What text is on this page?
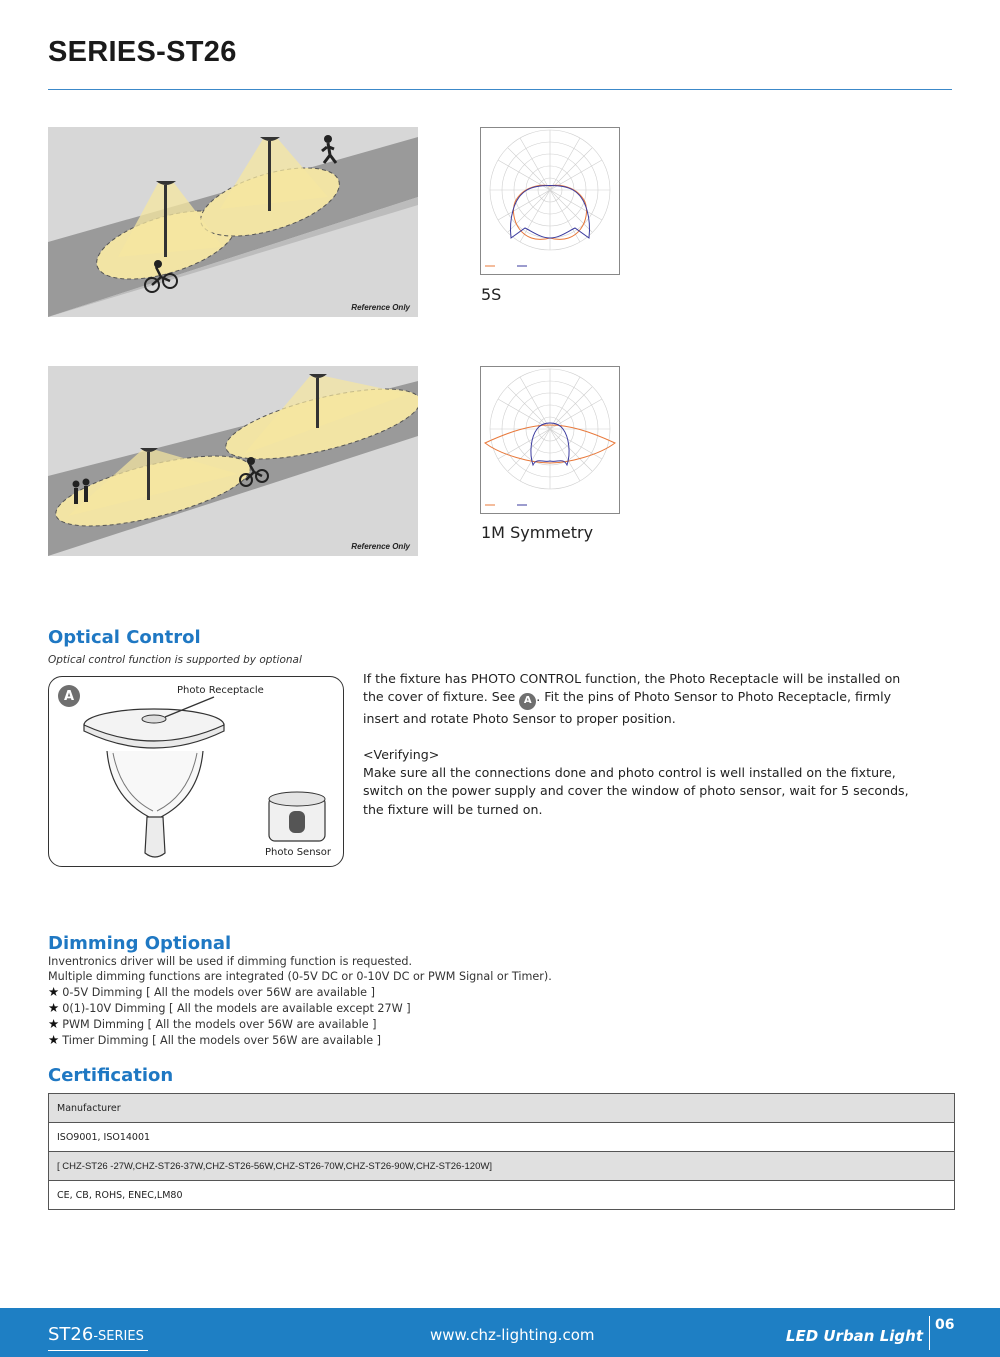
SERIES-ST26
Reference Only
5S
Reference Only
1M Symmetry
Optical Control
Optical control function is supported by optional
A	Photo Receptacle
Photo Sensor

If the fixture has PHOTO CONTROL function, the Photo Receptacle will be installed on the cover of fixture. See A . Fit the pins of Photo Sensor to Photo Receptacle, firmly insert and rotate Photo Sensor to proper position.

<Verifying>

Make sure all the connections done and photo control is well installed on the fixture, switch on the power supply and cover the window of photo sensor, wait for 5 seconds, the fixture will be turned on.

Dimming Optional
Inventronics driver will be used if dimming function is requested.
Multiple dimming functions are integrated (0-5V DC or 0-10V DC or PWM Signal or Timer).
★ 0-5V Dimming [ All the models over 56W are available ]
★ 0(1)-10V Dimming [ All the models are available except 27W ]
★ PWM Dimming [ All the models over 56W are available ]
★ Timer Dimming [ All the models over 56W are available ]
Certification
Manufacturer
ISO9001, ISO14001
[ CHZ-ST26 -27W,CHZ-ST26-37W,CHZ-ST26-56W,CHZ-ST26-70W,CHZ-ST26-90W,CHZ-ST26-120W]
CE, CB, ROHS, ENEC,LM80
ST26-SERIES	www.chz-lighting.com	LED Urban Light
06
